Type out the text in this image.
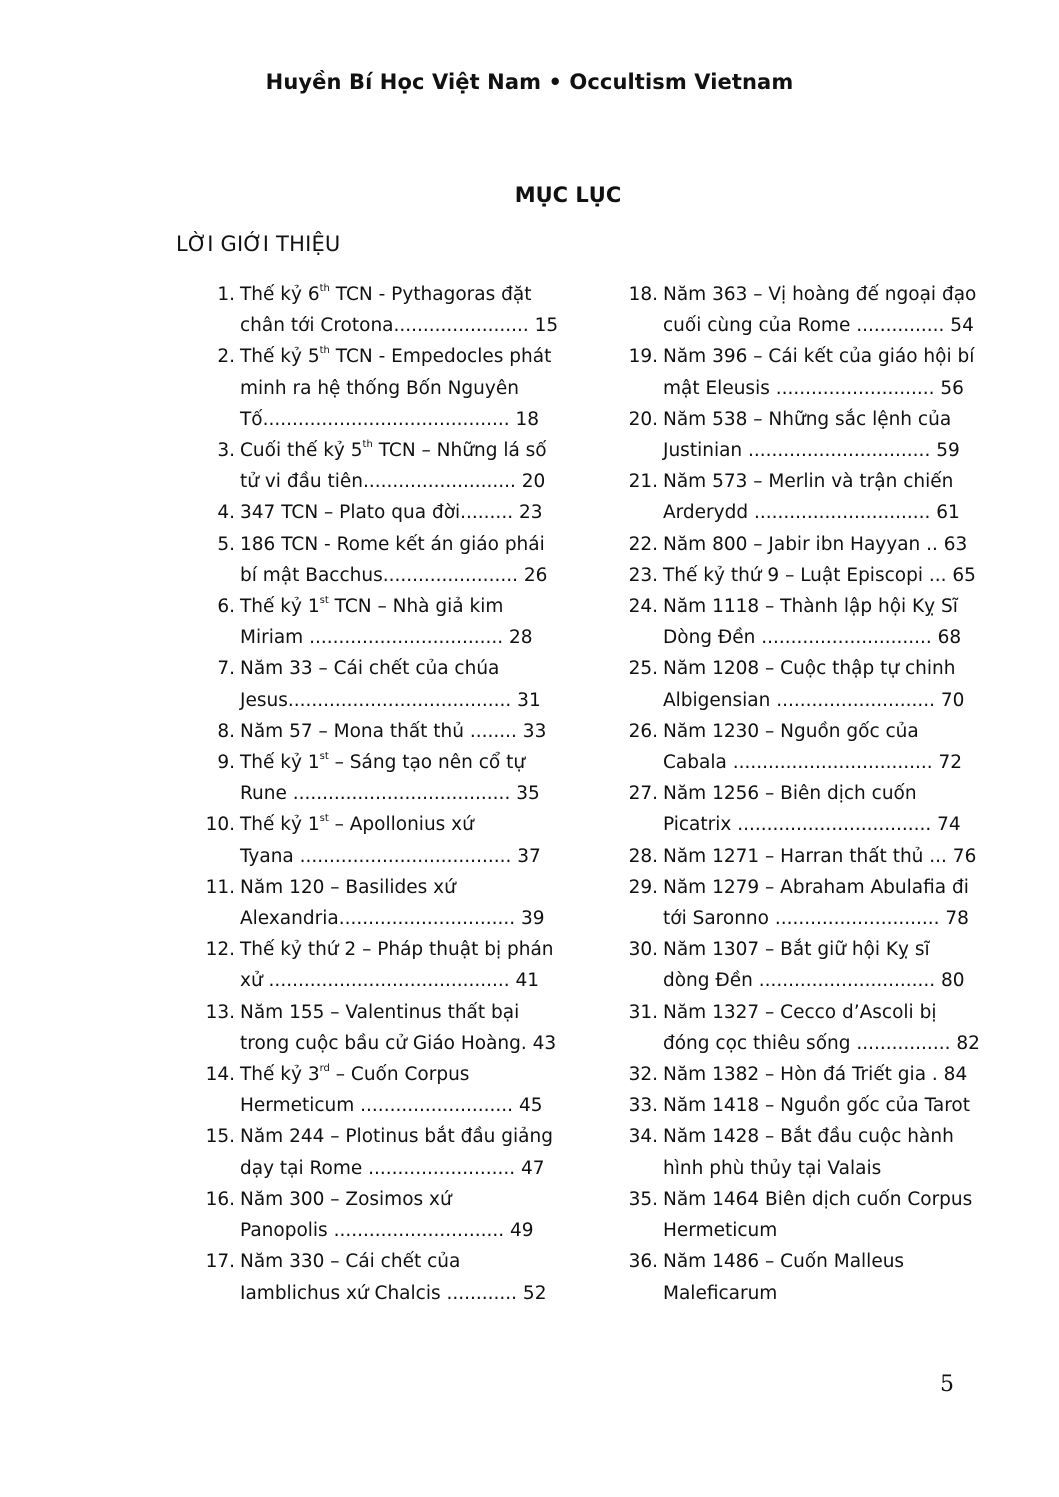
Huyền Bí Học Việt Nam • Occultism Vietnam
MỤC LỤC
LỜI GIỚI THIỆU
1. Thế kỷ 6th TCN - Pythagoras đặt
chân tới Crotona....................... 15
2. Thế kỷ 5th TCN - Empedocles phát
minh ra hệ thống Bốn Nguyên
Tố.......................................... 18
3. Cuối thế kỷ 5th TCN – Những lá số
tử vi đầu tiên.......................... 20
4. 347 TCN – Plato qua đời......... 23
5. 186 TCN - Rome kết án giáo phái
bí mật Bacchus....................... 26
6. Thế kỷ 1st TCN – Nhà giả kim
Miriam ................................. 28
7. Năm 33 – Cái chết của chúa
Jesus...................................... 31
8. Năm 57 – Mona thất thủ ........ 33
9. Thế kỷ 1st – Sáng tạo nên cổ tự
Rune ..................................... 35
10. Thế kỷ 1st – Apollonius xứ
Tyana .................................... 37
11. Năm 120 – Basilides xứ
Alexandria.............................. 39
12. Thế kỷ thứ 2 – Pháp thuật bị phán
xử ......................................... 41
13. Năm 155 – Valentinus thất bại
trong cuộc bầu cử Giáo Hoàng. 43
14. Thế kỷ 3rd – Cuốn Corpus
Hermeticum .......................... 45
15. Năm 244 – Plotinus bắt đầu giảng
dạy tại Rome ......................... 47
16. Năm 300 – Zosimos xứ
Panopolis ............................. 49
17. Năm 330 – Cái chết của
Iamblichus xứ Chalcis ............ 52
18. Năm 363 – Vị hoàng đế ngoại đạo
cuối cùng của Rome ............... 54
19. Năm 396 – Cái kết của giáo hội bí
mật Eleusis ........................... 56
20. Năm 538 – Những sắc lệnh của
Justinian ............................... 59
21. Năm 573 – Merlin và trận chiến
Arderydd .............................. 61
22. Năm 800 – Jabir ibn Hayyan .. 63
23. Thế kỷ thứ 9 – Luật Episcopi ... 65
24. Năm 1118 – Thành lập hội Kỵ Sĩ
Dòng Đền ............................. 68
25. Năm 1208 – Cuộc thập tự chinh
Albigensian ........................... 70
26. Năm 1230 – Nguồn gốc của
Cabala .................................. 72
27. Năm 1256 – Biên dịch cuốn
Picatrix ................................. 74
28. Năm 1271 – Harran thất thủ ... 76
29. Năm 1279 – Abraham Abulafia đi
tới Saronno ............................ 78
30. Năm 1307 – Bắt giữ hội Kỵ sĩ
dòng Đền .............................. 80
31. Năm 1327 – Cecco d’Ascoli bị
đóng cọc thiêu sống ................ 82
32. Năm 1382 – Hòn đá Triết gia . 84
33. Năm 1418 – Nguồn gốc của Tarot
34. Năm 1428 – Bắt đầu cuộc hành
hình phù thủy tại Valais
35. Năm 1464 Biên dịch cuốn Corpus
Hermeticum
36. Năm 1486 – Cuốn Malleus
Maleficarum
5
